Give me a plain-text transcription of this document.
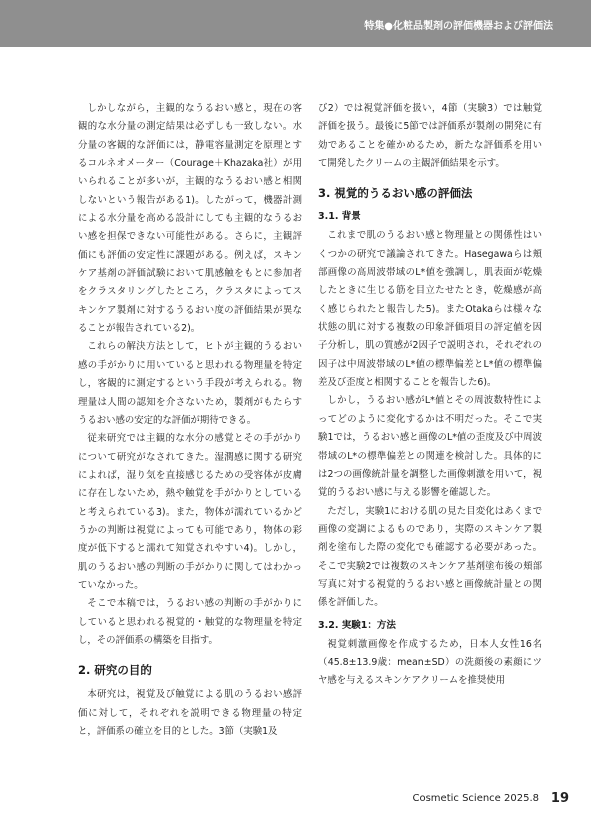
特集●化粧品製剤の評価機器および評価法

しかしながら，主観的なうるおい感と，現在の客観的な水分量の測定結果は必ずしも一致しない。水分量の客観的な評価には，静電容量測定を原理とするコルネオメーター（Courage＋Khazaka社）が用いられることが多いが，主観的なうるおい感と相関しないという報告がある1)。したがって，機器計測による水分量を高める設計にしても主観的なうるおい感を担保できない可能性がある。さらに，主観評価にも評価の安定性に課題がある。例えば，スキンケア基剤の評価試験において肌感触をもとに参加者をクラスタリングしたところ，クラスタによってスキンケア製剤に対するうるおい度の評価結果が異なることが報告されている2)。

これらの解決方法として，ヒトが主観的うるおい感の手がかりに用いていると思われる物理量を特定し，客観的に測定するという手段が考えられる。物理量は人間の認知を介さないため，製剤がもたらすうるおい感の安定的な評価が期待できる。

従来研究では主観的な水分の感覚とその手がかりについて研究がなされてきた。湿潤感に関する研究によれば，湿り気を直接感じるための受容体が皮膚に存在しないため，熱や触覚を手がかりとしていると考えられている3)。また，物体が濡れているかどうかの判断は視覚によっても可能であり，物体の彩度が低下すると濡れて知覚されやすい4)。しかし，肌のうるおい感の判断の手がかりに関してはわかっていなかった。

そこで本稿では，うるおい感の判断の手がかりにしていると思われる視覚的・触覚的な物理量を特定し，その評価系の構築を目指す。

2. 研究の目的

本研究は，視覚及び触覚による肌のうるおい感評価に対して，それぞれを説明できる物理量の特定と，評価系の確立を目的とした。3節（実験1及

び2）では視覚評価を扱い，4節（実験3）では触覚評価を扱う。最後に5節では評価系が製剤の開発に有効であることを確かめるため，新たな評価系を用いて開発したクリームの主観評価結果を示す。

3. 視覚的うるおい感の評価法
3.1. 背景

これまで肌のうるおい感と物理量との関係性はいくつかの研究で議論されてきた。Hasegawaらは頬部画像の高周波帯域のL*値を強調し，肌表面が乾燥したときに生じる筋を目立たせたとき，乾燥感が高く感じられたと報告した5)。またOtakaらは様々な状態の肌に対する複数の印象評価項目の評定値を因子分析し，肌の質感が2因子で説明され，それぞれの因子は中周波帯域のL*値の標準偏差とL*値の標準偏差及び歪度と相関することを報告した6)。

しかし，うるおい感がL*値とその周波数特性によってどのように変化するかは不明だった。そこで実験1では，うるおい感と画像のL*値の歪度及び中周波帯域のL*の標準偏差との関連を検討した。具体的には2つの画像統計量を調整した画像刺激を用いて，視覚的うるおい感に与える影響を確認した。

ただし，実験1における肌の見た目変化はあくまで画像の変調によるものであり，実際のスキンケア製剤を塗布した際の変化でも確認する必要があった。そこで実験2では複数のスキンケア基剤塗布後の頬部写真に対する視覚的うるおい感と画像統計量との関係を評価した。

3.2. 実験1：方法

視覚刺激画像を作成するため，日本人女性16名（45.8±13.9歳：mean±SD）の洗顔後の素顔にツヤ感を与えるスキンケアクリームを推奨使用

Cosmetic Science 2025.8 19
